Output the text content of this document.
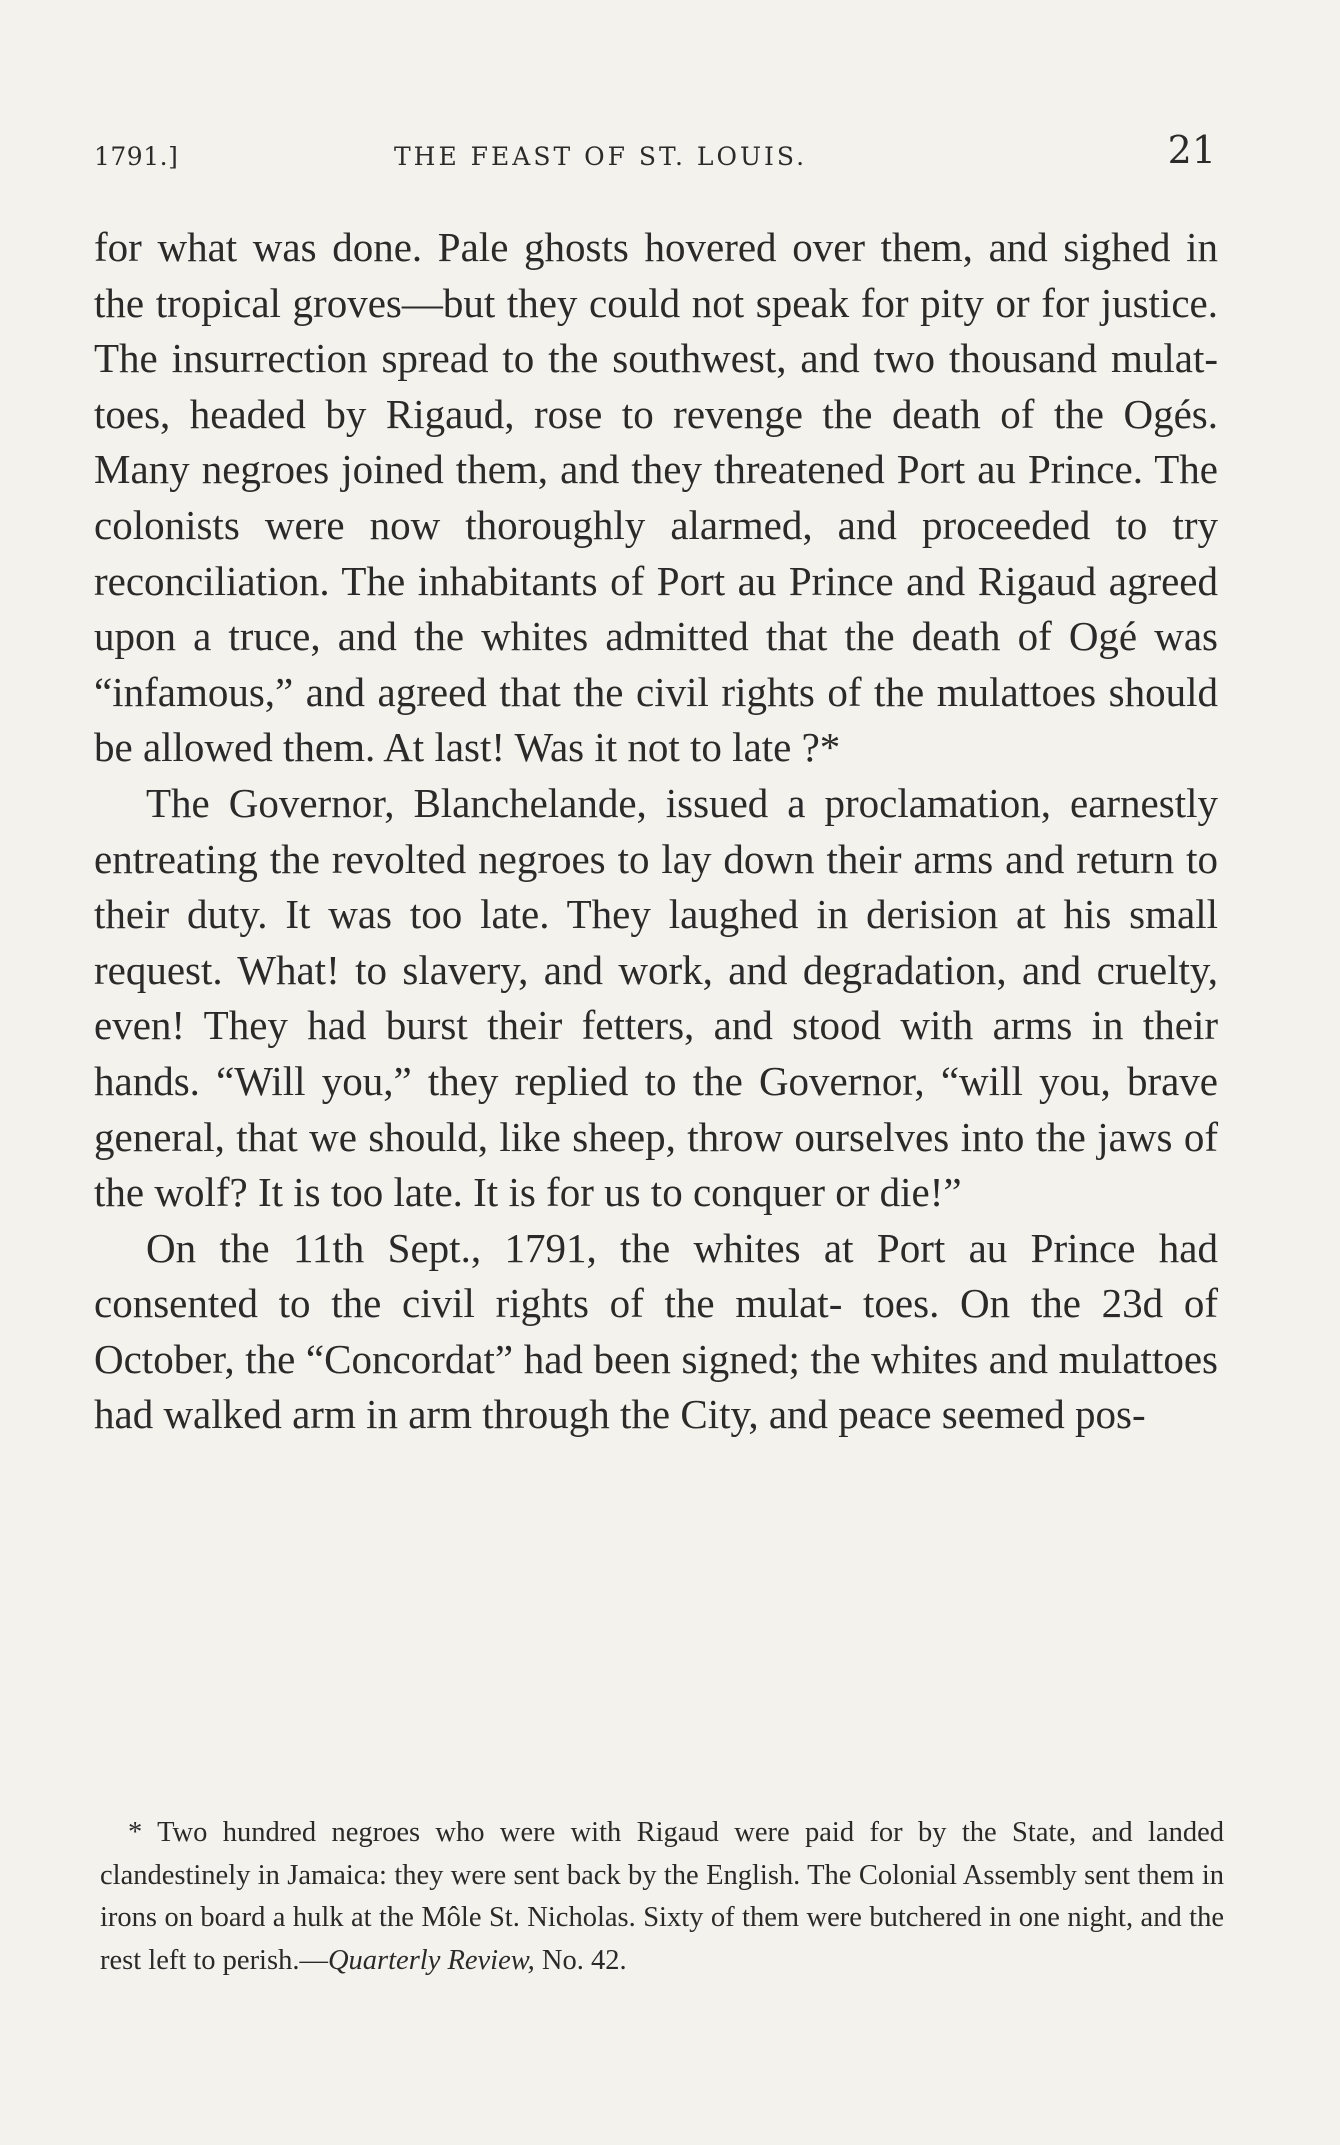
1791.]	THE FEAST OF ST. LOUIS.	21

for what was done. Pale ghosts hovered over them, and sighed in the tropical groves—but they could not speak for pity or for justice. The insurrection spread to the southwest, and two thousand mulat- toes, headed by Rigaud, rose to revenge the death of the Ogés. Many negroes joined them, and they threatened Port au Prince. The colonists were now thoroughly alarmed, and proceeded to try reconciliation. The inhabitants of Port au Prince and Rigaud agreed upon a truce, and the whites admitted that the death of Ogé was “infamous,” and agreed that the civil rights of the mulattoes should be allowed them. At last! Was it not to late ?*

The Governor, Blanchelande, issued a proclamation, earnestly entreating the revolted negroes to lay down their arms and return to their duty. It was too late. They laughed in derision at his small request. What! to slavery, and work, and degradation, and cruelty, even! They had burst their fetters, and stood with arms in their hands. “Will you,” they replied to the Governor, “will you, brave general, that we should, like sheep, throw ourselves into the jaws of the wolf? It is too late. It is for us to conquer or die!”

On the 11th Sept., 1791, the whites at Port au Prince had consented to the civil rights of the mulat- toes. On the 23d of October, the “Concordat” had been signed; the whites and mulattoes had walked arm in arm through the City, and peace seemed pos-

* Two hundred negroes who were with Rigaud were paid for by the State, and landed clandestinely in Jamaica: they were sent back by the English. The Colonial Assembly sent them in irons on board a hulk at the Môle St. Nicholas. Sixty of them were butchered in one night, and the rest left to perish.—Quarterly Review, No. 42.
